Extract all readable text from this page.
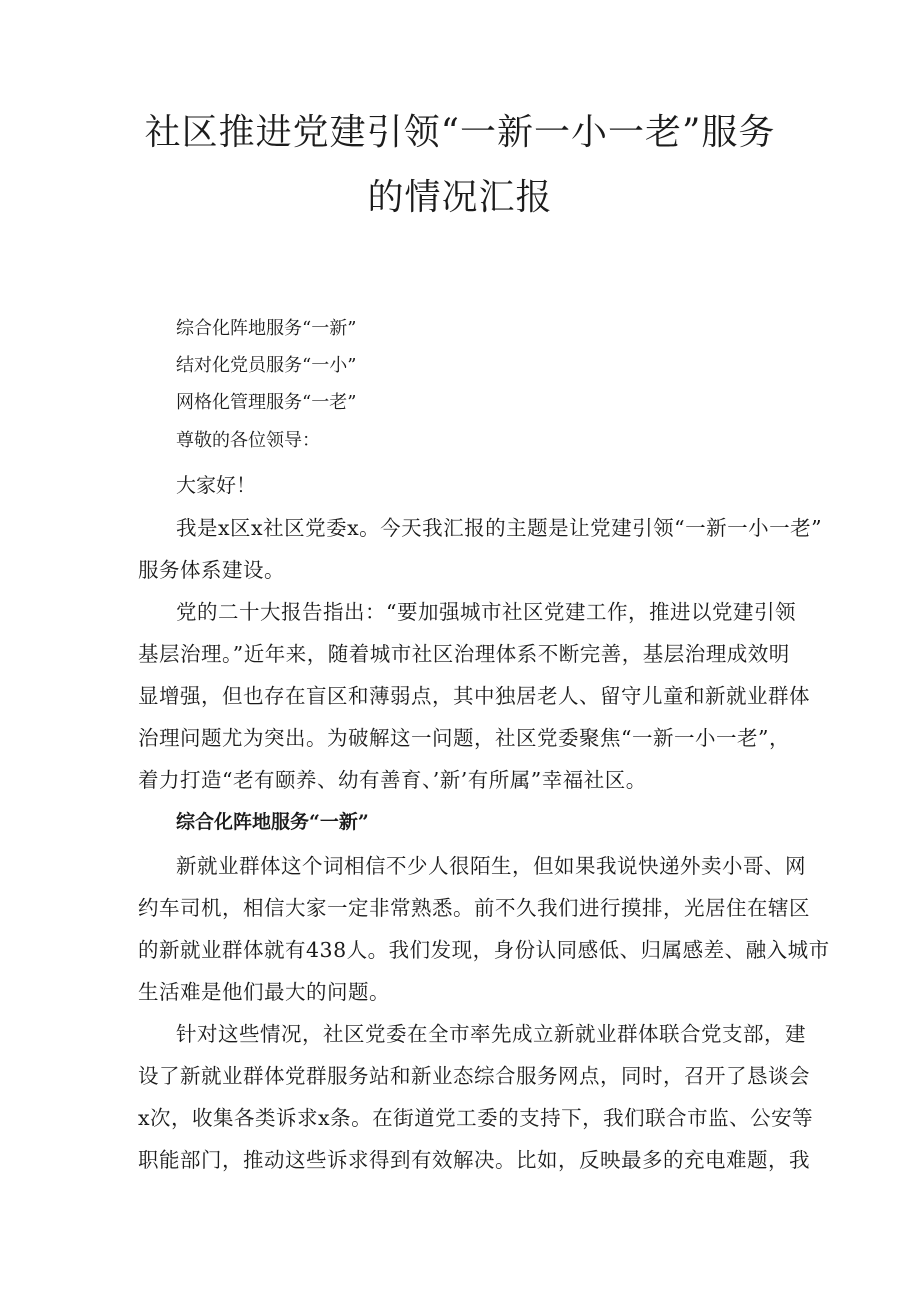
社区推进党建引领“一新一小一老”服务
的情况汇报
综合化阵地服务“一新”
结对化党员服务“一小”
网格化管理服务“一老”
尊敬的各位领导：
大家好！
我是x区x社区党委x。今天我汇报的主题是让党建引领“一新一小一老”
服务体系建设。
党的二十大报告指出：“要加强城市社区党建工作，推进以党建引领
基层治理。”近年来，随着城市社区治理体系不断完善，基层治理成效明
显增强，但也存在盲区和薄弱点，其中独居老人、留守儿童和新就业群体
治理问题尤为突出。为破解这一问题，社区党委聚焦“一新一小一老”，
着力打造“老有颐养、幼有善育、’新’有所属”幸福社区。
综合化阵地服务“一新”
新就业群体这个词相信不少人很陌生，但如果我说快递外卖小哥、网
约车司机，相信大家一定非常熟悉。前不久我们进行摸排，光居住在辖区
的新就业群体就有438人。我们发现，身份认同感低、归属感差、融入城市
生活难是他们最大的问题。
针对这些情况，社区党委在全市率先成立新就业群体联合党支部，建
设了新就业群体党群服务站和新业态综合服务网点，同时，召开了恳谈会
x次，收集各类诉求x条。在街道党工委的支持下，我们联合市监、公安等
职能部门，推动这些诉求得到有效解决。比如，反映最多的充电难题，我
